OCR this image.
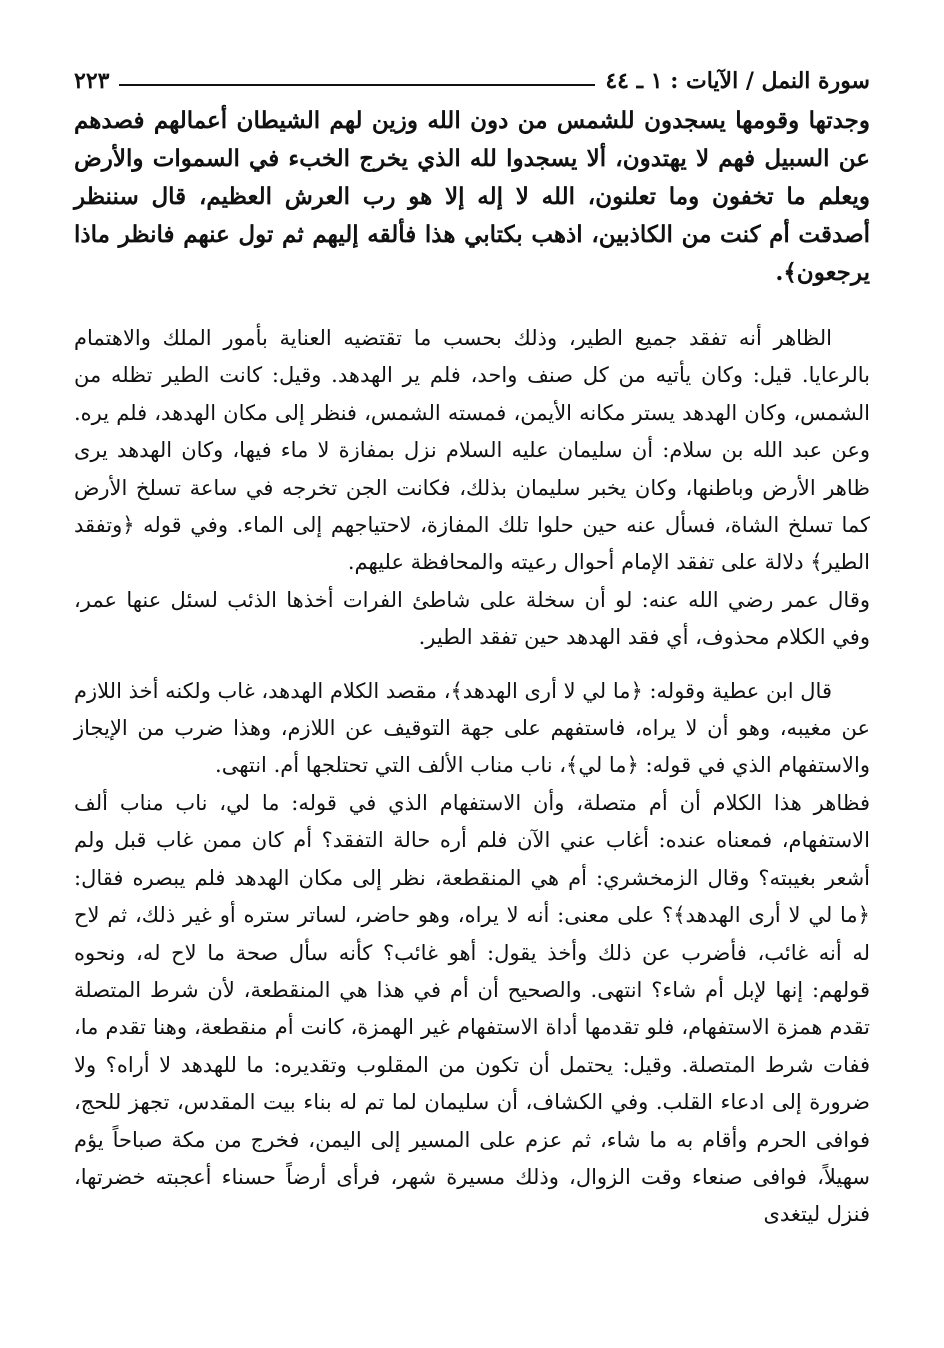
٢٢٣	سورة النمل / الآيات : ١ ـ ٤٤

وجدتها وقومها يسجدون للشمس من دون الله وزين لهم الشيطان أعمالهم فصدهم عن السبيل فهم لا يهتدون، ألا يسجدوا لله الذي يخرج الخبء في السموات والأرض ويعلم ما تخفون وما تعلنون، الله لا إله إلا هو رب العرش العظيم، قال سننظر أصدقت أم كنت من الكاذبين، اذهب بكتابي هذا فألقه إليهم ثم تول عنهم فانظر ماذا يرجعون﴾.

الظاهر أنه تفقد جميع الطير، وذلك بحسب ما تقتضيه العناية بأمور الملك والاهتمام بالرعايا. قيل: وكان يأتيه من كل صنف واحد، فلم ير الهدهد. وقيل: كانت الطير تظله من الشمس، وكان الهدهد يستر مكانه الأيمن، فمسته الشمس، فنظر إلى مكان الهدهد، فلم يره. وعن عبد الله بن سلام: أن سليمان عليه السلام نزل بمفازة لا ماء فيها، وكان الهدهد يرى ظاهر الأرض وباطنها، وكان يخبر سليمان بذلك، فكانت الجن تخرجه في ساعة تسلخ الأرض كما تسلخ الشاة، فسأل عنه حين حلوا تلك المفازة، لاحتياجهم إلى الماء. وفي قوله ﴿وتفقد الطير﴾ دلالة على تفقد الإمام أحوال رعيته والمحافظة عليهم.

وقال عمر رضي الله عنه: لو أن سخلة على شاطئ الفرات أخذها الذئب لسئل عنها عمر، وفي الكلام محذوف، أي فقد الهدهد حين تفقد الطير.

قال ابن عطية وقوله: ﴿ما لي لا أرى الهدهد﴾، مقصد الكلام الهدهد، غاب ولكنه أخذ اللازم عن مغيبه، وهو أن لا يراه، فاستفهم على جهة التوقيف عن اللازم، وهذا ضرب من الإيجاز والاستفهام الذي في قوله: ﴿ما لي﴾، ناب مناب الألف التي تحتلجها أم. انتهى.

فظاهر هذا الكلام أن أم متصلة، وأن الاستفهام الذي في قوله: ما لي، ناب مناب ألف الاستفهام، فمعناه عنده: أغاب عني الآن فلم أره حالة التفقد؟ أم كان ممن غاب قبل ولم أشعر بغيبته؟ وقال الزمخشري: أم هي المنقطعة، نظر إلى مكان الهدهد فلم يبصره فقال: ﴿ما لي لا أرى الهدهد﴾؟ على معنى: أنه لا يراه، وهو حاضر، لساتر ستره أو غير ذلك، ثم لاح له أنه غائب، فأضرب عن ذلك وأخذ يقول: أهو غائب؟ كأنه سأل صحة ما لاح له، ونحوه قولهم: إنها لإبل أم شاء؟ انتهى. والصحيح أن أم في هذا هي المنقطعة، لأن شرط المتصلة تقدم همزة الاستفهام، فلو تقدمها أداة الاستفهام غير الهمزة، كانت أم منقطعة، وهنا تقدم ما، ففات شرط المتصلة. وقيل: يحتمل أن تكون من المقلوب وتقديره: ما للهدهد لا أراه؟ ولا ضرورة إلى ادعاء القلب. وفي الكشاف، أن سليمان لما تم له بناء بيت المقدس، تجهز للحج، فوافى الحرم وأقام به ما شاء، ثم عزم على المسير إلى اليمن، فخرج من مكة صباحاً يؤم سهيلاً، فوافى صنعاء وقت الزوال، وذلك مسيرة شهر، فرأى أرضاً حسناء أعجبته خضرتها، فنزل ليتغدى
